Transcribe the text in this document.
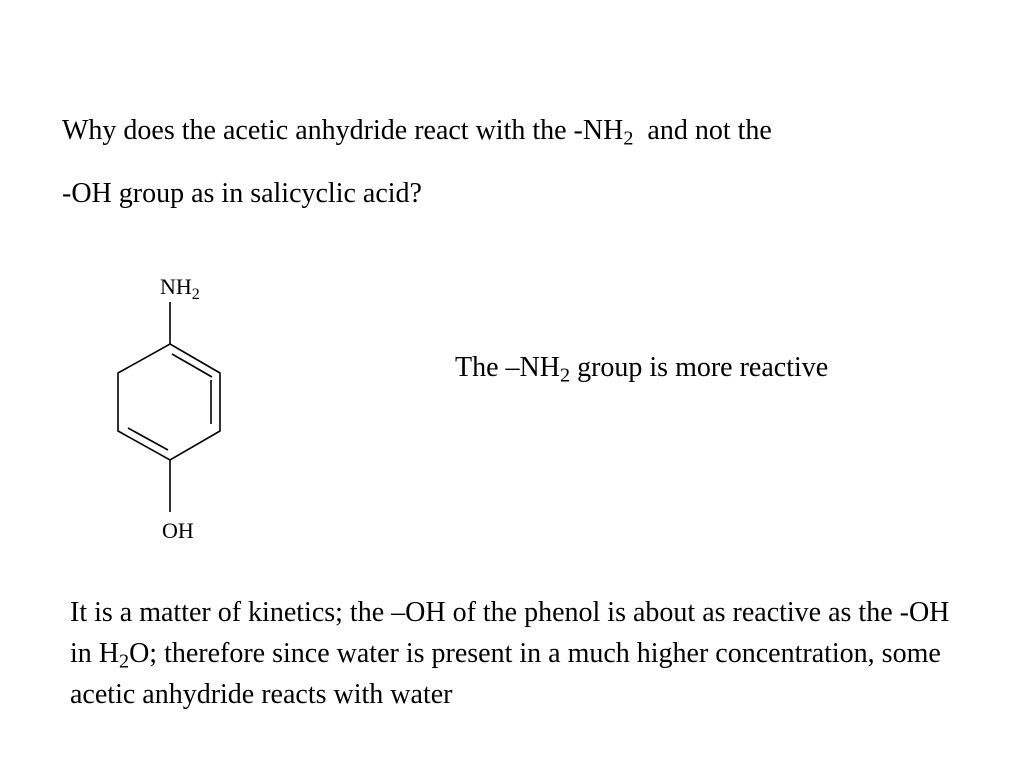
Why does the acetic anhydride react with the $-NH_2$  and not the
-OH group as in salicyclic acid?
$NH_2$
OH
The $-NH_2$ group is more reactive
It is a matter of kinetics; the –OH of the phenol is about as reactive as the -OH in $H_2O$; therefore since water is present in a much higher concentration, some acetic anhydride reacts with water
